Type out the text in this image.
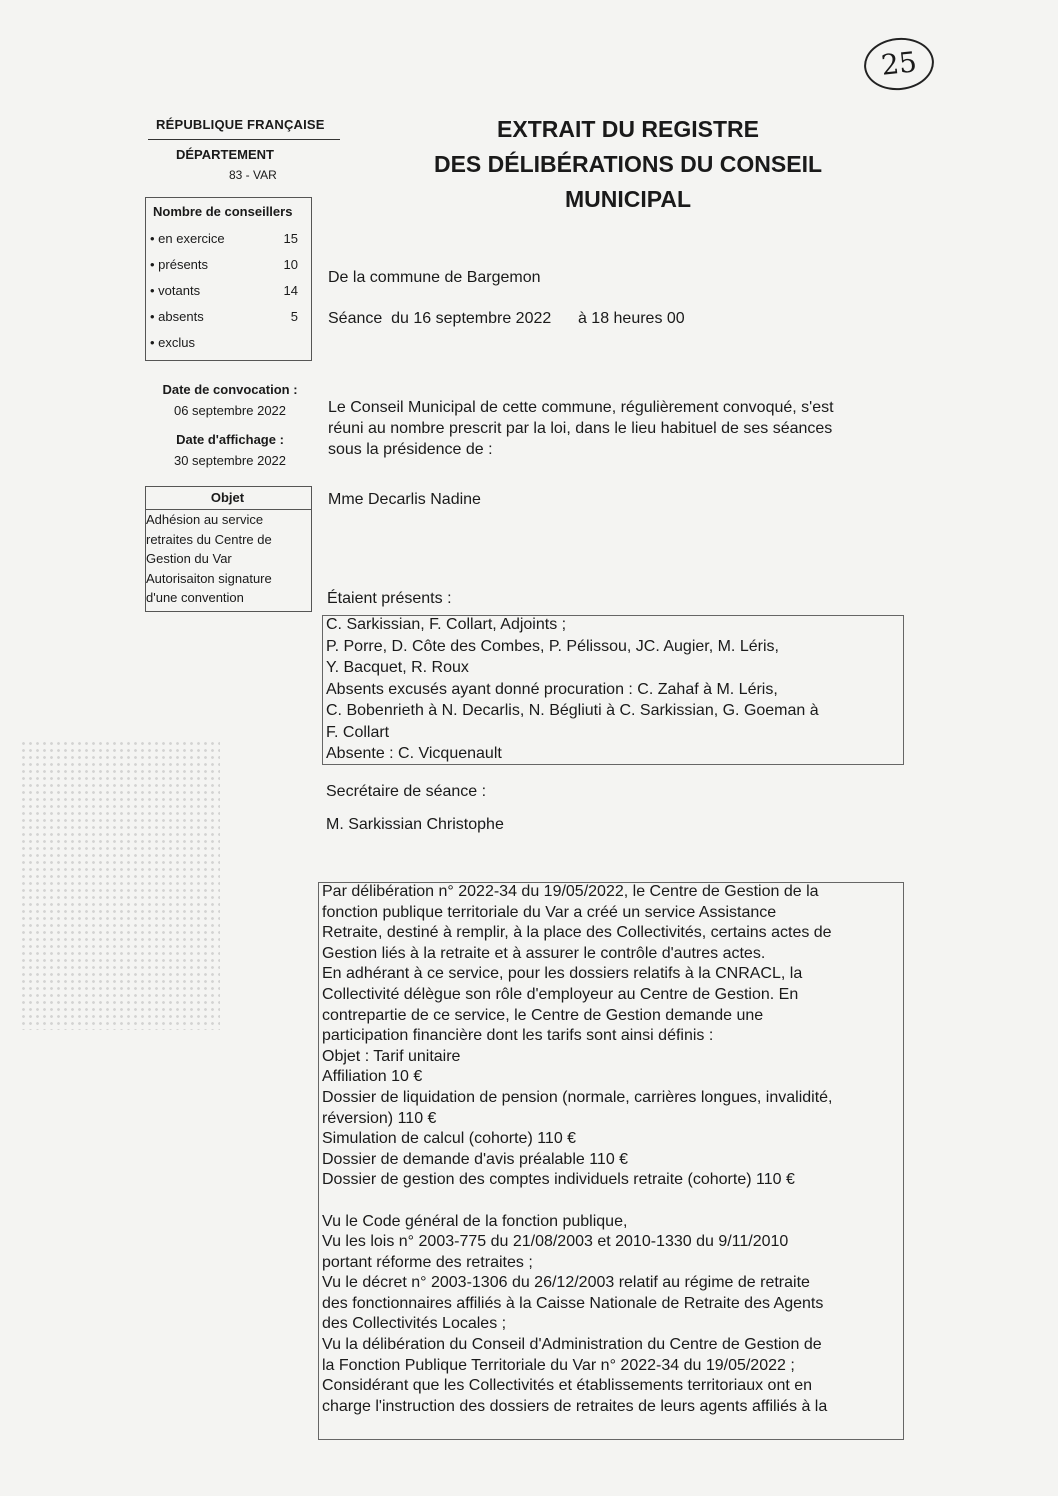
25
RÉPUBLIQUE FRANÇAISE
DÉPARTEMENT
83 - VAR
EXTRAIT DU REGISTRE
DES DÉLIBÉRATIONS DU CONSEIL
MUNICIPAL
Nombre de conseillers
• en exercice	15
• présents	10
• votants	14
• absents	5
• exclus
Date de convocation :
06 septembre 2022
Date d'affichage :
30 septembre 2022
Objet
Adhésion au service
retraites du Centre de
Gestion du Var
Autorisaiton signature
d'une convention
De la commune de Bargemon
Séance  du 16 septembre 2022      à 18 heures 00
Le Conseil Municipal de cette commune, régulièrement convoqué, s'est
réuni au nombre prescrit par la loi, dans le lieu habituel de ses séances
sous la présidence de :
Mme Decarlis Nadine
Étaient présents :
C. Sarkissian, F. Collart, Adjoints ;
P. Porre, D. Côte des Combes, P. Pélissou, JC. Augier, M. Léris,
Y. Bacquet, R. Roux
Absents excusés ayant donné procuration : C. Zahaf à M. Léris,
C. Bobenrieth à N. Decarlis, N. Bégliuti à C. Sarkissian, G. Goeman à
F. Collart
Absente : C. Vicquenault
Secrétaire de séance :
M. Sarkissian Christophe
Par délibération n° 2022-34 du 19/05/2022, le Centre de Gestion de la
fonction publique territoriale du Var a créé un service Assistance
Retraite, destiné à remplir, à la place des Collectivités, certains actes de
Gestion liés à la retraite et à assurer le contrôle d'autres actes.
En adhérant à ce service, pour les dossiers relatifs à la CNRACL, la
Collectivité délègue son rôle d'employeur au Centre de Gestion. En
contrepartie de ce service, le Centre de Gestion demande une
participation financière dont les tarifs sont ainsi définis :
Objet : Tarif unitaire
Affiliation 10 €
Dossier de liquidation de pension (normale, carrières longues, invalidité,
réversion) 110 €
Simulation de calcul (cohorte) 110 €
Dossier de demande d'avis préalable 110 €
Dossier de gestion des comptes individuels retraite (cohorte) 110 €
Vu le Code général de la fonction publique,
Vu les lois n° 2003-775 du 21/08/2003 et 2010-1330 du 9/11/2010
portant réforme des retraites ;
Vu le décret n° 2003-1306 du 26/12/2003 relatif au régime de retraite
des fonctionnaires affiliés à la Caisse Nationale de Retraite des Agents
des Collectivités Locales ;
Vu la délibération du Conseil d'Administration du Centre de Gestion de
la Fonction Publique Territoriale du Var n° 2022-34 du 19/05/2022 ;
Considérant que les Collectivités et établissements territoriaux ont en
charge l'instruction des dossiers de retraites de leurs agents affiliés à la
